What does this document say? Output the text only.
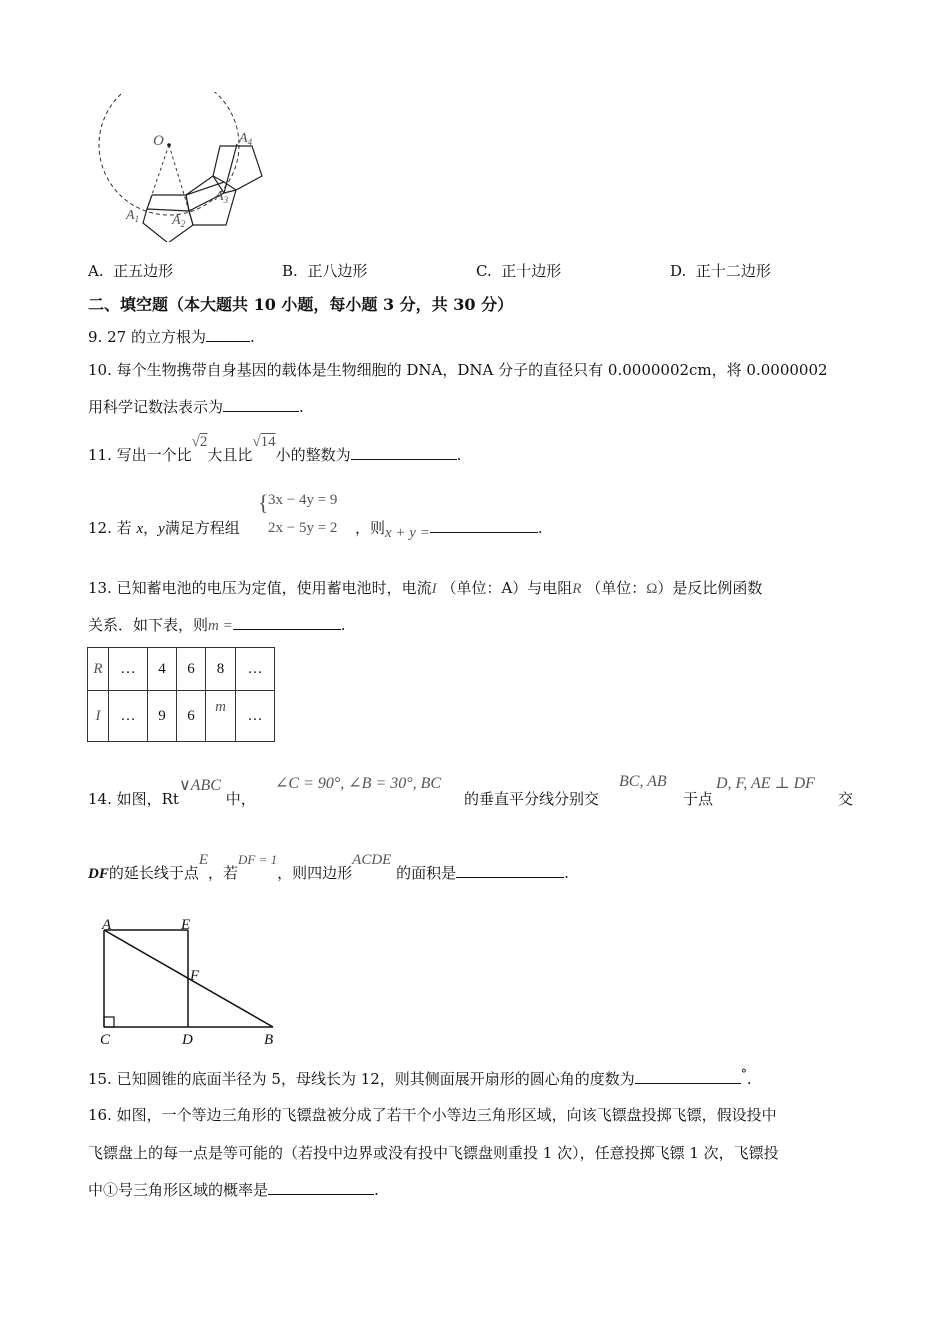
O
$A_1$ $A_2$
$A_3$
$A_4$
A. 正五边形	B. 正八边形	C. 正十边形	D. 正十二边形
二、填空题（本大题共 10 小题，每小题 3 分，共 30 分）
9. 27 的立方根为	.
10. 每个生物携带自身基因的载体是生物细胞的 DNA，DNA 分子的直径只有 0.0000002cm，将 0.0000002
用科学记数法表示为	.
11. 写出一个比√2大且比√14小的整数为	.
12. 若 x，y满足方程组
{ 3x − 4y = 9
2x − 5y = 2 ，则x + y =	.
13. 已知蓄电池的电压为定值，使用蓄电池时，电流I （单位：A）与电阻R （单位：Ω）是反比例函数
关系．如下表，则m =	.
R	…	4	6	8	…
I	…	9	6	m	…
14. 如图，Rt∨ABC 中，
∠C = 90°, ∠B = 30°, BC
的垂直平分线分别交
BC, AB
于点
D, F, AE ⊥ DF
交
DF的延长线于点E，若DF = 1，则四边形ACDE 的面积是	.
A	E
F
C	D	B
15. 已知圆锥的底面半径为 5，母线长为 12，则其侧面展开扇形的圆心角的度数为	°.
16. 如图，一个等边三角形的飞镖盘被分成了若干个小等边三角形区域，向该飞镖盘投掷飞镖，假设投中
飞镖盘上的每一点是等可能的（若投中边界或没有投中飞镖盘则重投 1 次），任意投掷飞镖 1 次，飞镖投
中①号三角形区域的概率是	.
